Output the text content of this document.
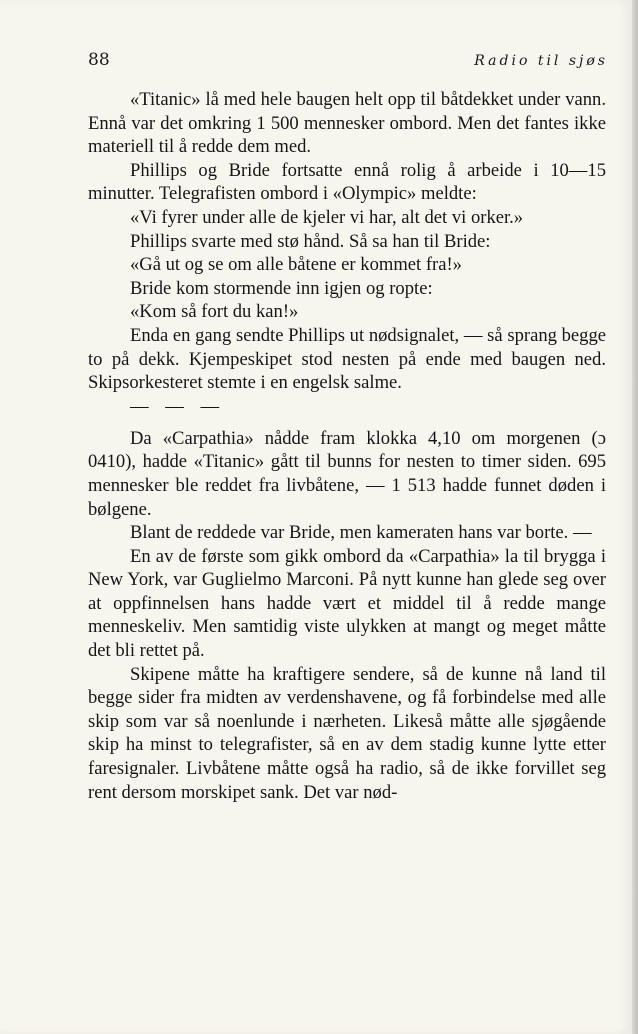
88	Radio til sjøs

«Titanic» lå med hele baugen helt opp til båtdekket under vann. Ennå var det omkring 1 500 mennesker ombord. Men det fantes ikke materiell til å redde dem med.

Phillips og Bride fortsatte ennå rolig å arbeide i 10—15 minutter. Telegrafisten ombord i «Olympic» meldte:

«Vi fyrer under alle de kjeler vi har, alt det vi orker.»

Phillips svarte med stø hånd. Så sa han til Bride:

«Gå ut og se om alle båtene er kommet fra!»

Bride kom stormende inn igjen og ropte:

«Kom så fort du kan!»

Enda en gang sendte Phillips ut nødsignalet, — så sprang begge to på dekk. Kjempeskipet stod nesten på ende med baugen ned. Skipsorkesteret stemte i en engelsk salme.

— — —

Da «Carpathia» nådde fram klokka 4,10 om morgenen (ɔ 0410), hadde «Titanic» gått til bunns for nesten to timer siden. 695 mennesker ble reddet fra livbåtene, — 1 513 hadde funnet døden i bølgene.

Blant de reddede var Bride, men kameraten hans var borte. —

En av de første som gikk ombord da «Carpathia» la til brygga i New York, var Guglielmo Marconi. På nytt kunne han glede seg over at oppfinnelsen hans hadde vært et middel til å redde mange menneskeliv. Men samtidig viste ulykken at mangt og meget måtte det bli rettet på.

Skipene måtte ha kraftigere sendere, så de kunne nå land til begge sider fra midten av verdenshavene, og få forbindelse med alle skip som var så noenlunde i nærheten. Likeså måtte alle sjøgående skip ha minst to telegrafister, så en av dem stadig kunne lytte etter faresignaler. Livbåtene måtte også ha radio, så de ikke forvillet seg rent dersom morskipet sank. Det var nød-
